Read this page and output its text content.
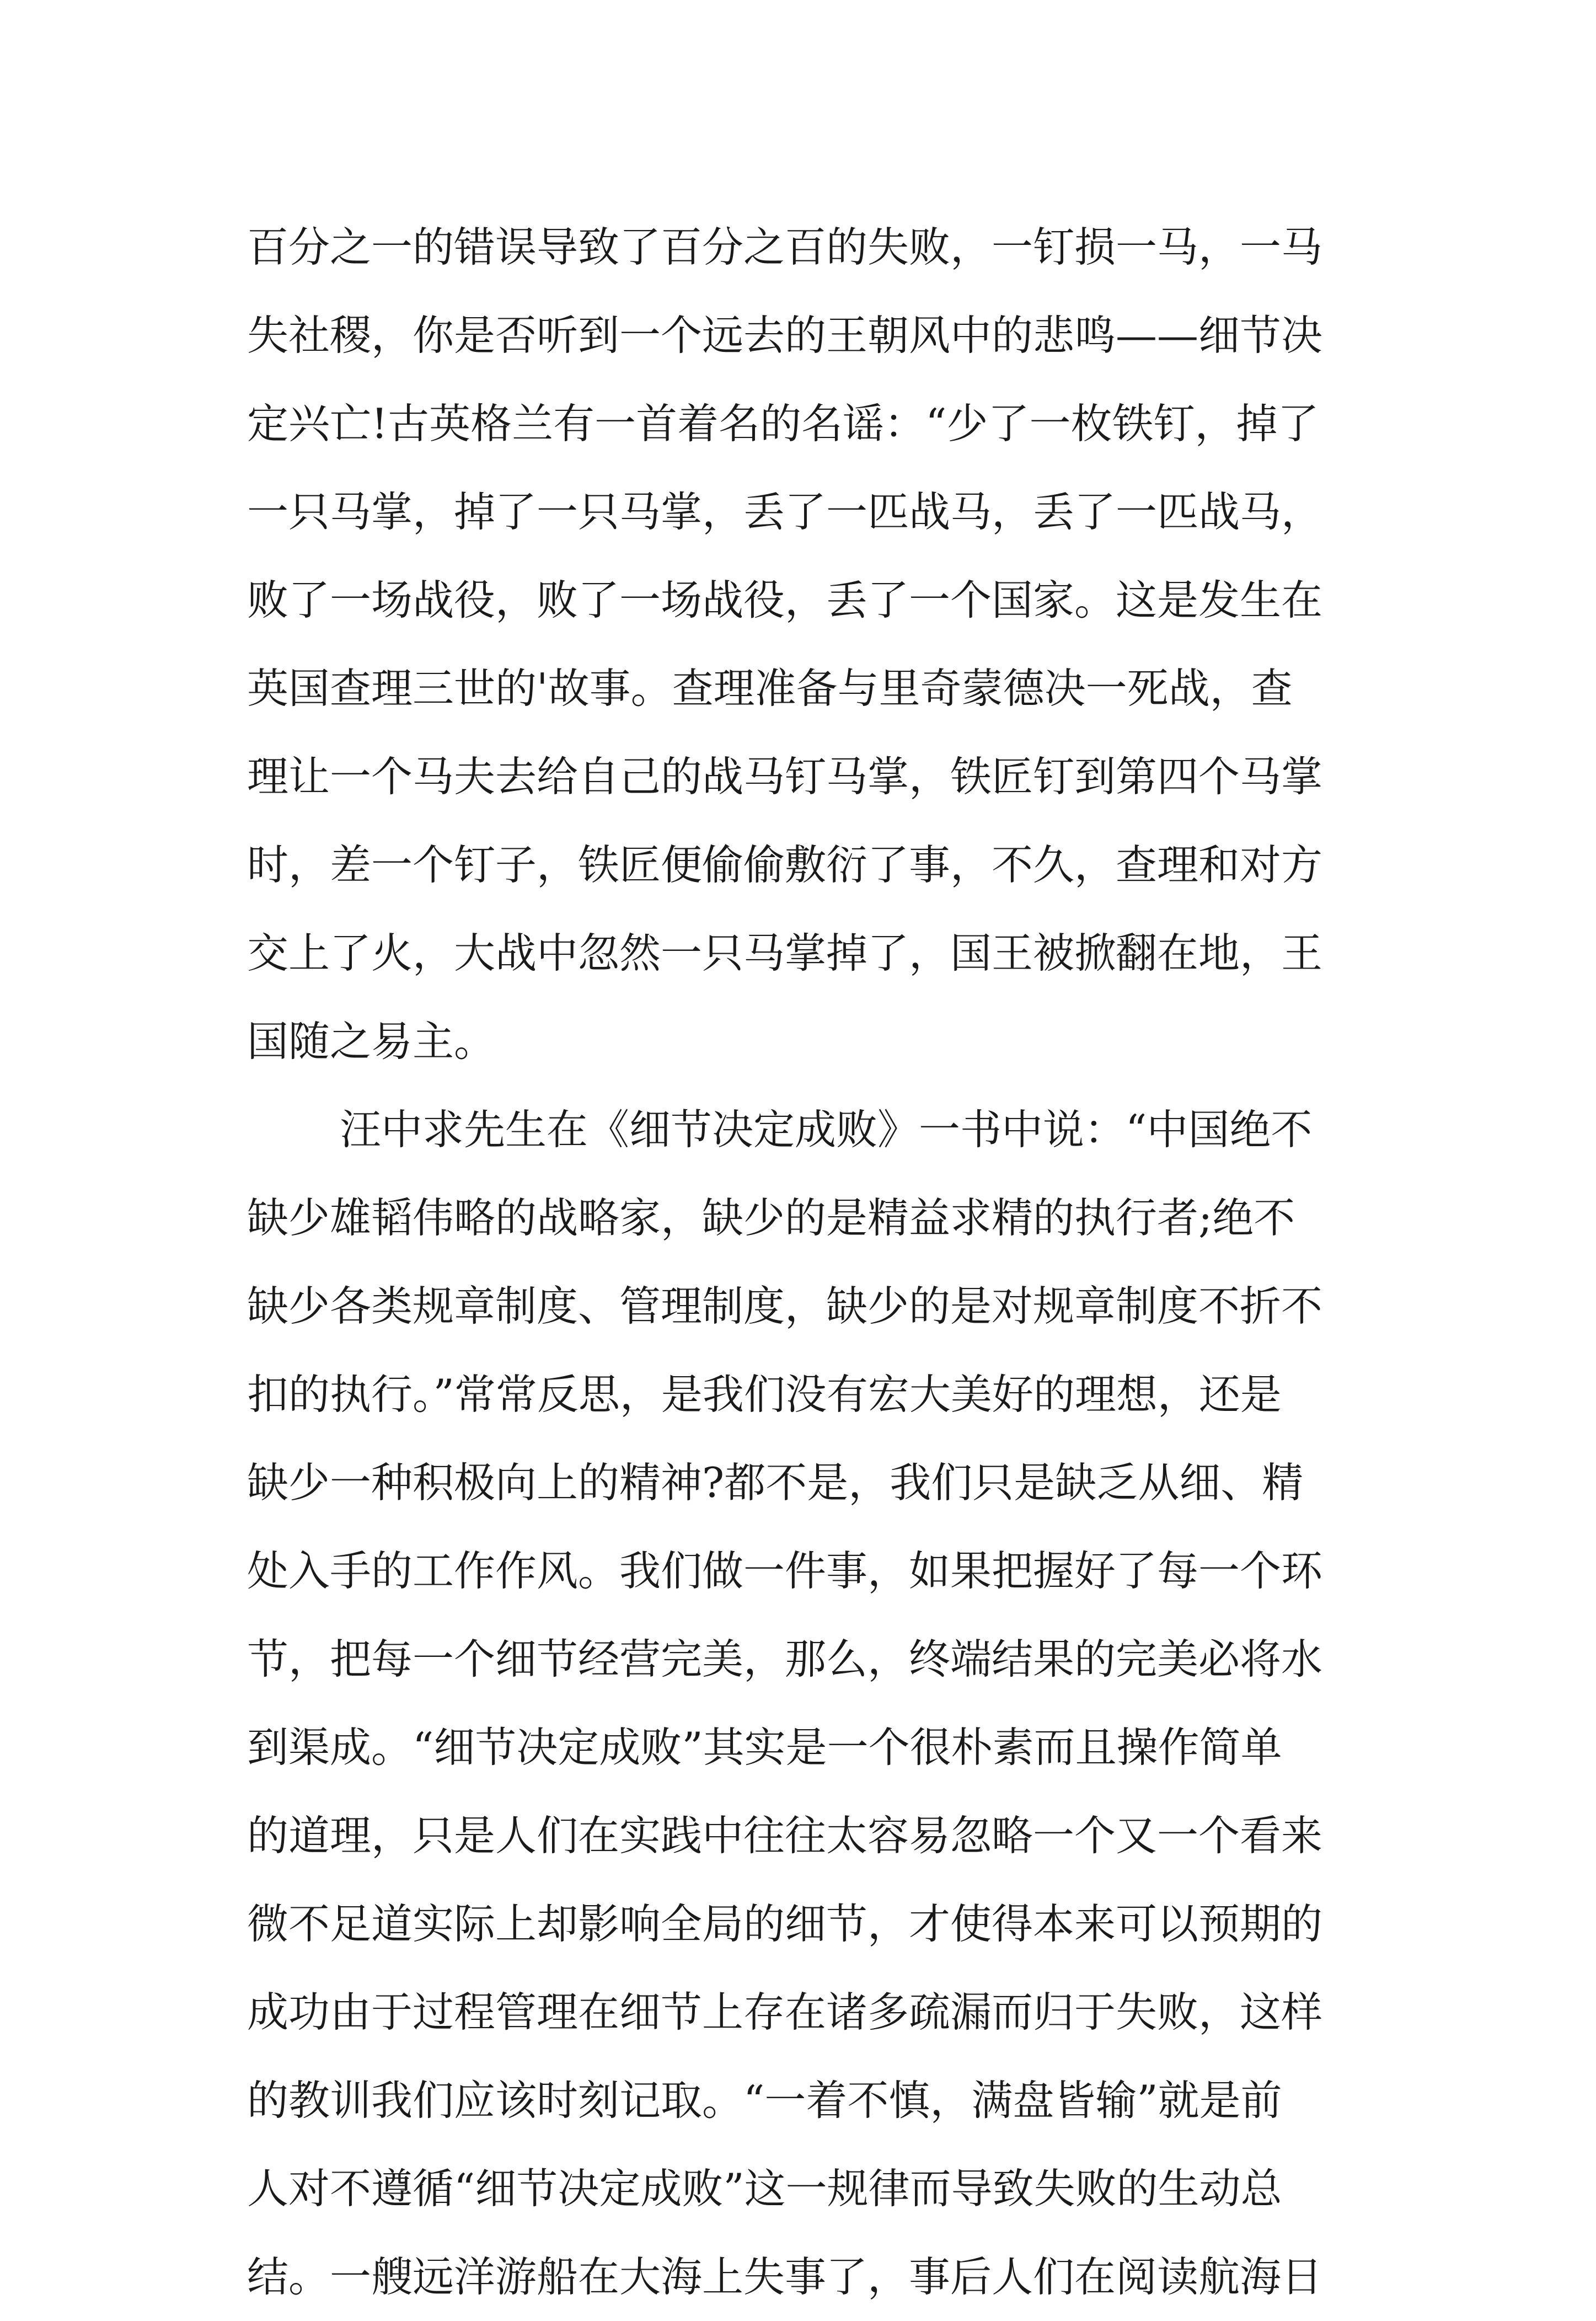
百分之一的错误导致了百分之百的失败，一钉损一马，一马
失社稷，你是否听到一个远去的王朝风中的悲鸣——细节决
定兴亡!古英格兰有一首着名的名谣：“少了一枚铁钉，掉了
一只马掌，掉了一只马掌，丢了一匹战马，丢了一匹战马，
败了一场战役，败了一场战役，丢了一个国家。这是发生在
英国查理三世的'故事。查理准备与里奇蒙德决一死战，查
理让一个马夫去给自己的战马钉马掌，铁匠钉到第四个马掌
时，差一个钉子，铁匠便偷偷敷衍了事，不久，查理和对方
交上了火，大战中忽然一只马掌掉了，国王被掀翻在地，王
国随之易主。
汪中求先生在《细节决定成败》一书中说：“中国绝不
缺少雄韬伟略的战略家，缺少的是精益求精的执行者;绝不
缺少各类规章制度、管理制度，缺少的是对规章制度不折不
扣的执行。”常常反思，是我们没有宏大美好的理想，还是
缺少一种积极向上的精神?都不是，我们只是缺乏从细、精
处入手的工作作风。我们做一件事，如果把握好了每一个环
节，把每一个细节经营完美，那么，终端结果的完美必将水
到渠成。“细节决定成败”其实是一个很朴素而且操作简单
的道理，只是人们在实践中往往太容易忽略一个又一个看来
微不足道实际上却影响全局的细节，才使得本来可以预期的
成功由于过程管理在细节上存在诸多疏漏而归于失败，这样
的教训我们应该时刻记取。“一着不慎，满盘皆输”就是前
人对不遵循“细节决定成败”这一规律而导致失败的生动总
结。一艘远洋游船在大海上失事了，事后人们在阅读航海日
